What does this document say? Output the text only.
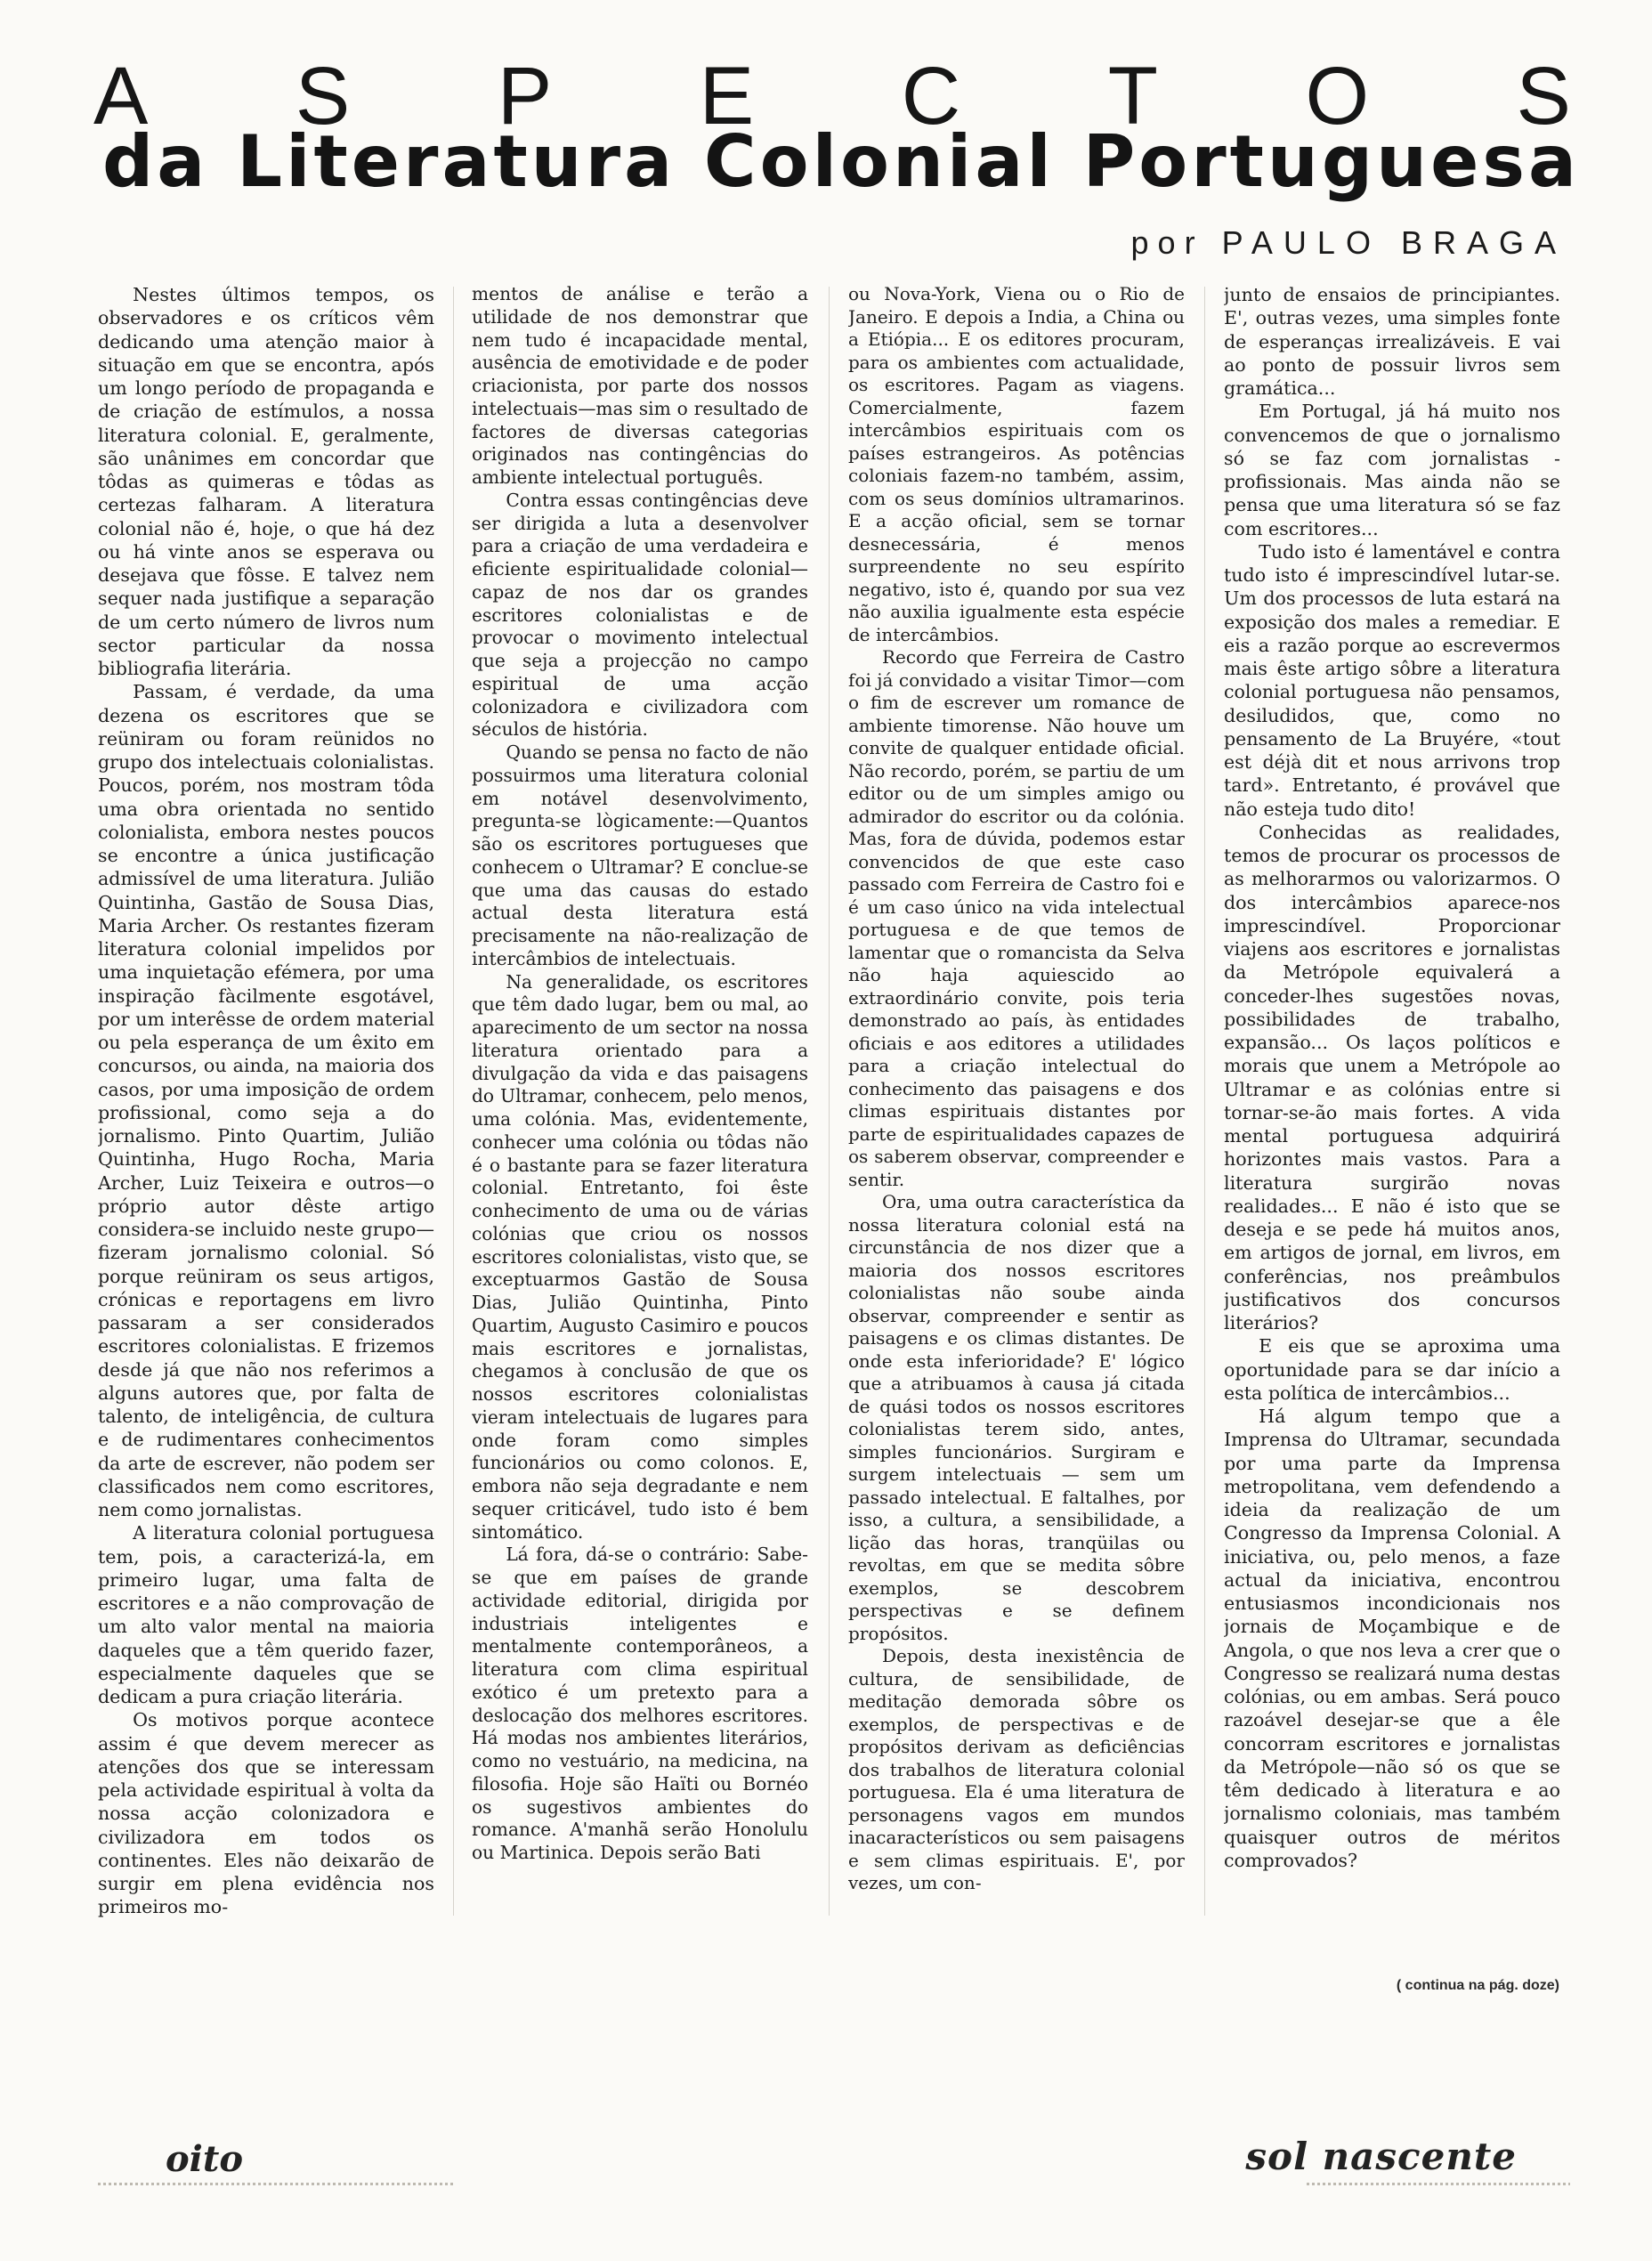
A S P E C T O S
da Literatura Colonial Portuguesa
por PAULO BRAGA

Nestes últimos tempos, os observadores e os críticos vêm dedicando uma atenção maior à situação em que se encontra, após um longo período de propaganda e de criação de estímulos, a nossa literatura colonial. E, geralmente, são unânimes em concordar que tôdas as quimeras e tôdas as certezas falharam. A literatura colonial não é, hoje, o que há dez ou há vinte anos se esperava ou desejava que fôsse. E talvez nem sequer nada justifique a separação de um certo número de livros num sector particular da nossa bibliografia literária.

Passam, é verdade, da uma dezena os escritores que se reüniram ou foram reünidos no grupo dos intelectuais colonialistas. Poucos, porém, nos mostram tôda uma obra orientada no sentido colonialista, embora nestes poucos se encontre a única justificação admissível de uma literatura. Julião Quintinha, Gastão de Sousa Dias, Maria Archer. Os restantes fizeram literatura colonial impelidos por uma inquietação efémera, por uma inspiração fàcilmente esgotável, por um interêsse de ordem material ou pela esperança de um êxito em concursos, ou ainda, na maioria dos casos, por uma imposição de ordem profissional, como seja a do jornalismo. Pinto Quartim, Julião Quintinha, Hugo Rocha, Maria Archer, Luiz Teixeira e outros—o próprio autor dêste artigo considera-se incluido neste grupo—fizeram jornalismo colonial. Só porque reüniram os seus artigos, crónicas e reportagens em livro passaram a ser considerados escritores colonialistas. E frizemos desde já que não nos referimos a alguns autores que, por falta de talento, de inteligência, de cultura e de rudimentares conhecimentos da arte de escrever, não podem ser classificados nem como escritores, nem como jornalistas.

A literatura colonial portuguesa tem, pois, a caracterizá-la, em primeiro lugar, uma falta de escritores e a não comprovação de um alto valor mental na maioria daqueles que a têm querido fazer, especialmente daqueles que se dedicam a pura criação literária.

Os motivos porque acontece assim é que devem merecer as atenções dos que se interessam pela actividade espiritual à volta da nossa acção colonizadora e civilizadora em todos os continentes. Eles não deixarão de surgir em plena evidência nos primeiros mo-

mentos de análise e terão a utilidade de nos demonstrar que nem tudo é incapacidade mental, ausência de emotividade e de poder criacionista, por parte dos nossos intelectuais—mas sim o resultado de factores de diversas categorias originados nas contingências do ambiente intelectual português.

Contra essas contingências deve ser dirigida a luta a desenvolver para a criação de uma verdadeira e eficiente espiritualidade colonial—capaz de nos dar os grandes escritores colonialistas e de provocar o movimento intelectual que seja a projecção no campo espiritual de uma acção colonizadora e civilizadora com séculos de história.

Quando se pensa no facto de não possuirmos uma literatura colonial em notável desenvolvimento, pregunta-se lògicamente:—Quantos são os escritores portugueses que conhecem o Ultramar? E conclue-se que uma das causas do estado actual desta literatura está precisamente na não-realização de intercâmbios de intelectuais.

Na generalidade, os escritores que têm dado lugar, bem ou mal, ao aparecimento de um sector na nossa literatura orientado para a divulgação da vida e das paisagens do Ultramar, conhecem, pelo menos, uma colónia. Mas, evidentemente, conhecer uma colónia ou tôdas não é o bastante para se fazer literatura colonial. Entretanto, foi êste conhecimento de uma ou de várias colónias que criou os nossos escritores colonialistas, visto que, se exceptuarmos Gastão de Sousa Dias, Julião Quintinha, Pinto Quartim, Augusto Casimiro e poucos mais escritores e jornalistas, chegamos à conclusão de que os nossos escritores colonialistas vieram intelectuais de lugares para onde foram como simples funcionários ou como colonos. E, embora não seja degradante e nem sequer criticável, tudo isto é bem sintomático.

Lá fora, dá-se o contrário: Sabe-se que em países de grande actividade editorial, dirigida por industriais inteligentes e mentalmente contemporâneos, a literatura com clima espiritual exótico é um pretexto para a deslocação dos melhores escritores. Há modas nos ambientes literários, como no vestuário, na medicina, na filosofia. Hoje são Haïti ou Bornéo os sugestivos ambientes do romance. A'manhã serão Honolulu ou Martinica. Depois serão Bati

ou Nova-York, Viena ou o Rio de Janeiro. E depois a India, a China ou a Etiópia... E os editores procuram, para os ambientes com actualidade, os escritores. Pagam as viagens. Comercialmente, fazem intercâmbios espirituais com os países estrangeiros. As potências coloniais fazem-no também, assim, com os seus domínios ultramarinos. E a acção oficial, sem se tornar desnecessária, é menos surpreendente no seu espírito negativo, isto é, quando por sua vez não auxilia igualmente esta espécie de intercâmbios.

Recordo que Ferreira de Castro foi já convidado a visitar Timor—com o fim de escrever um romance de ambiente timorense. Não houve um convite de qualquer entidade oficial. Não recordo, porém, se partiu de um editor ou de um simples amigo ou admirador do escritor ou da colónia. Mas, fora de dúvida, podemos estar convencidos de que este caso passado com Ferreira de Castro foi e é um caso único na vida intelectual portuguesa e de que temos de lamentar que o romancista da Selva não haja aquiescido ao extraordinário convite, pois teria demonstrado ao país, às entidades oficiais e aos editores a utilidades para a criação intelectual do conhecimento das paisagens e dos climas espirituais distantes por parte de espiritualidades capazes de os saberem observar, compreender e sentir.

Ora, uma outra característica da nossa literatura colonial está na circunstância de nos dizer que a maioria dos nossos escritores colonialistas não soube ainda observar, compreender e sentir as paisagens e os climas distantes. De onde esta inferioridade? E' lógico que a atribuamos à causa já citada de quási todos os nossos escritores colonialistas terem sido, antes, simples funcionários. Surgiram e surgem intelectuais — sem um passado intelectual. E faltalhes, por isso, a cultura, a sensibilidade, a lição das horas, tranqüilas ou revoltas, em que se medita sôbre exemplos, se descobrem perspectivas e se definem propósitos.

Depois, desta inexistência de cultura, de sensibilidade, de meditação demorada sôbre os exemplos, de perspectivas e de propósitos derivam as deficiências dos trabalhos de literatura colonial portuguesa. Ela é uma literatura de personagens vagos em mundos inacaracterísticos ou sem paisagens e sem climas espirituais. E', por vezes, um con-

junto de ensaios de principiantes. E', outras vezes, uma simples fonte de esperanças irrealizáveis. E vai ao ponto de possuir livros sem gramática...

Em Portugal, já há muito nos convencemos de que o jornalismo só se faz com jornalistas - profissionais. Mas ainda não se pensa que uma literatura só se faz com escritores...

Tudo isto é lamentável e contra tudo isto é imprescindível lutar-se. Um dos processos de luta estará na exposição dos males a remediar. E eis a razão porque ao escrevermos mais êste artigo sôbre a literatura colonial portuguesa não pensamos, desiludidos, que, como no pensamento de La Bruyére, «tout est déjà dit et nous arrivons trop tard». Entretanto, é provável que não esteja tudo dito!

Conhecidas as realidades, temos de procurar os processos de as melhorarmos ou valorizarmos. O dos intercâmbios aparece-nos imprescindível. Proporcionar viajens aos escritores e jornalistas da Metrópole equivalerá a conceder-lhes sugestões novas, possibilidades de trabalho, expansão... Os laços políticos e morais que unem a Metrópole ao Ultramar e as colónias entre si tornar-se-ão mais fortes. A vida mental portuguesa adquirirá horizontes mais vastos. Para a literatura surgirão novas realidades... E não é isto que se deseja e se pede há muitos anos, em artigos de jornal, em livros, em conferências, nos preâmbulos justificativos dos concursos literários?

E eis que se aproxima uma oportunidade para se dar início a esta política de intercâmbios...

Há algum tempo que a Imprensa do Ultramar, secundada por uma parte da Imprensa metropolitana, vem defendendo a ideia da realização de um Congresso da Imprensa Colonial. A iniciativa, ou, pelo menos, a faze actual da iniciativa, encontrou entusiasmos incondicionais nos jornais de Moçambique e de Angola, o que nos leva a crer que o Congresso se realizará numa destas colónias, ou em ambas. Será pouco razoável desejar-se que a êle concorram escritores e jornalistas da Metrópole—não só os que se têm dedicado à literatura e ao jornalismo coloniais, mas também quaisquer outros de méritos comprovados?

( continua na pág. doze)
oito	sol nascente
